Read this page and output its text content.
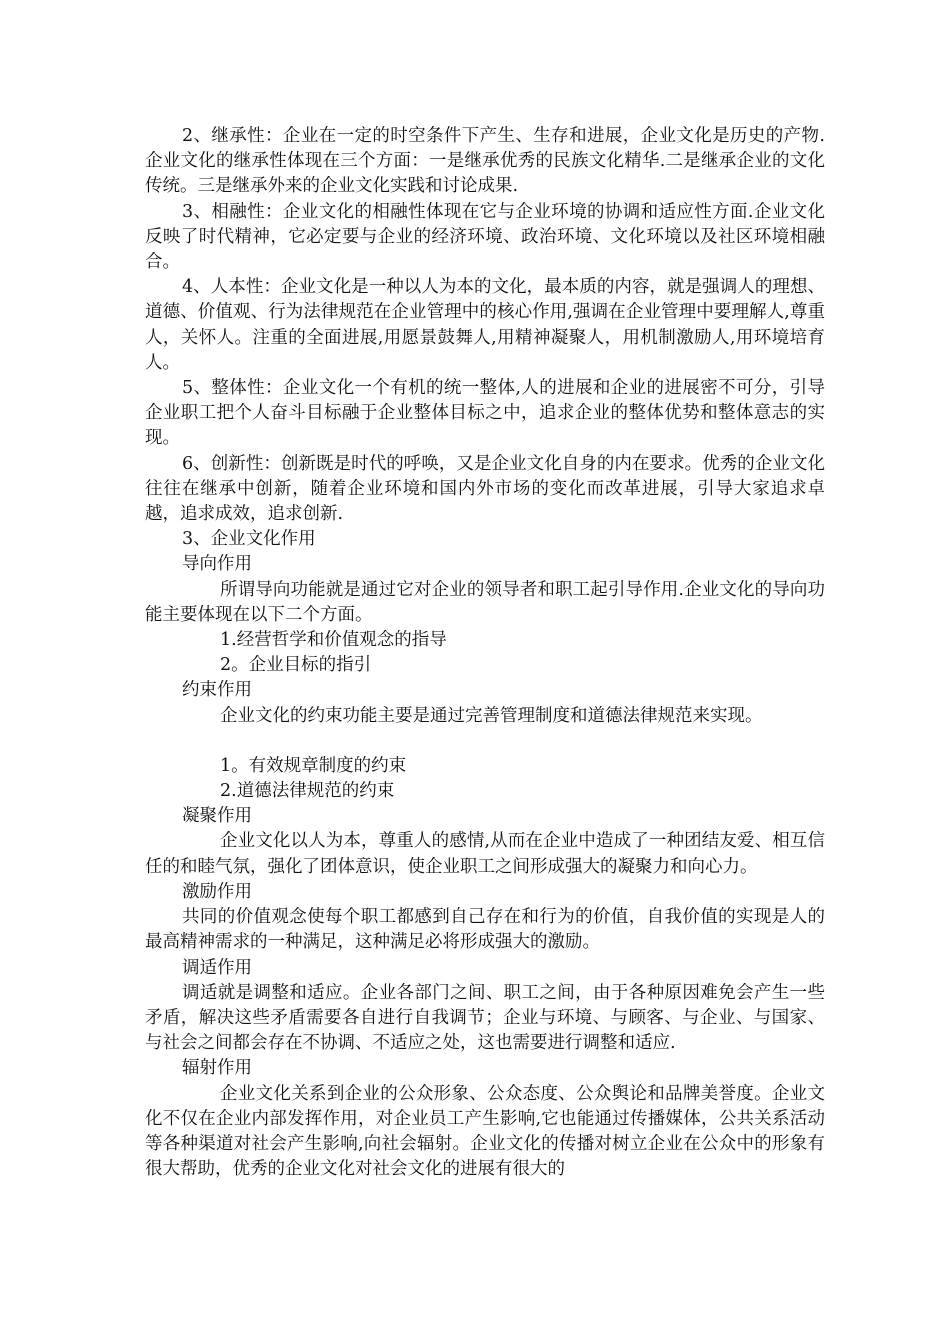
2、继承性：企业在一定的时空条件下产生、生存和进展，企业文化是历史的产物.企业文化的继承性体现在三个方面：一是继承优秀的民族文化精华.二是继承企业的文化传统。三是继承外来的企业文化实践和讨论成果.

3、相融性：企业文化的相融性体现在它与企业环境的协调和适应性方面.企业文化反映了时代精神，它必定要与企业的经济环境、政治环境、文化环境以及社区环境相融合。

4、人本性：企业文化是一种以人为本的文化，最本质的内容，就是强调人的理想、道德、价值观、行为法律规范在企业管理中的核心作用,强调在企业管理中要理解人,尊重人，关怀人。注重的全面进展,用愿景鼓舞人,用精神凝聚人，用机制激励人,用环境培育人。

5、整体性：企业文化一个有机的统一整体,人的进展和企业的进展密不可分，引导企业职工把个人奋斗目标融于企业整体目标之中，追求企业的整体优势和整体意志的实现。

6、创新性：创新既是时代的呼唤，又是企业文化自身的内在要求。优秀的企业文化往往在继承中创新，随着企业环境和国内外市场的变化而改革进展，引导大家追求卓越，追求成效，追求创新.

3、企业文化作用

导向作用

所谓导向功能就是通过它对企业的领导者和职工起引导作用.企业文化的导向功能主要体现在以下二个方面。

1.经营哲学和价值观念的指导

2。企业目标的指引

约束作用

企业文化的约束功能主要是通过完善管理制度和道德法律规范来实现。

1。有效规章制度的约束

2.道德法律规范的约束

凝聚作用

企业文化以人为本，尊重人的感情,从而在企业中造成了一种团结友爱、相互信任的和睦气氛，强化了团体意识，使企业职工之间形成强大的凝聚力和向心力。

激励作用

共同的价值观念使每个职工都感到自己存在和行为的价值，自我价值的实现是人的最高精神需求的一种满足，这种满足必将形成强大的激励。

调适作用

调适就是调整和适应。企业各部门之间、职工之间，由于各种原因难免会产生一些矛盾，解决这些矛盾需要各自进行自我调节；企业与环境、与顾客、与企业、与国家、与社会之间都会存在不协调、不适应之处，这也需要进行调整和适应.

辐射作用

企业文化关系到企业的公众形象、公众态度、公众舆论和品牌美誉度。企业文化不仅在企业内部发挥作用，对企业员工产生影响,它也能通过传播媒体，公共关系活动等各种渠道对社会产生影响,向社会辐射。企业文化的传播对树立企业在公众中的形象有很大帮助，优秀的企业文化对社会文化的进展有很大的
